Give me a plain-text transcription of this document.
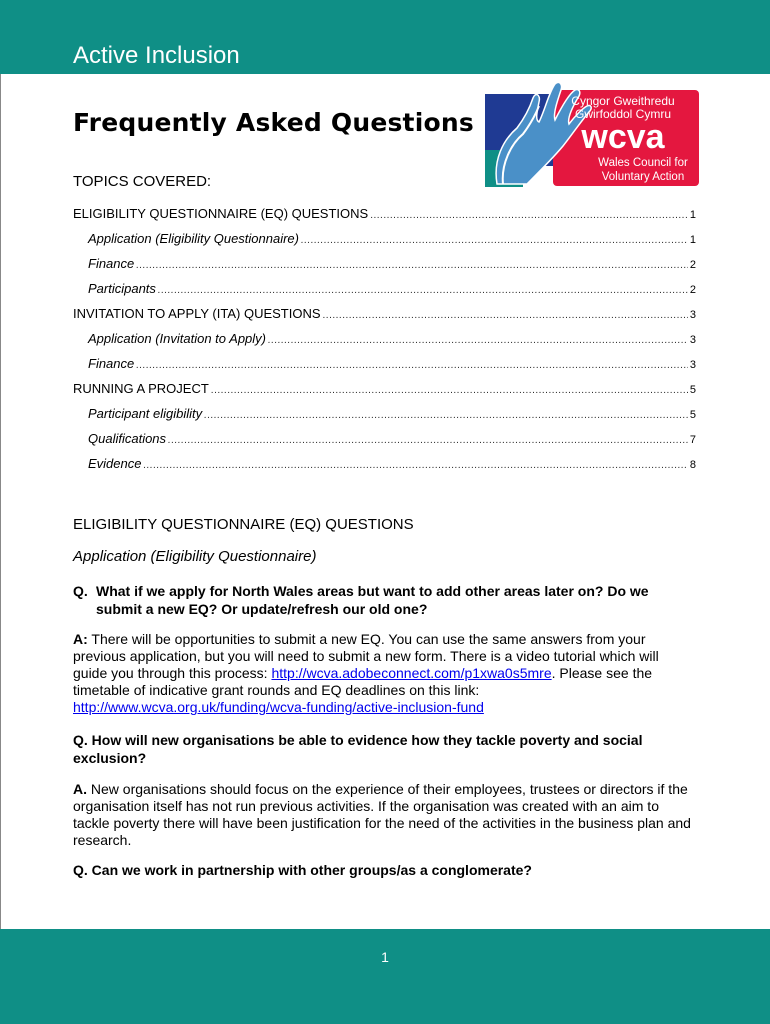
Active Inclusion
Frequently Asked Questions
Cyngor Gweithredu
Gwirfoddol Cymru
wcva
Wales Council for
Voluntary Action
TOPICS COVERED:
ELIGIBILITY QUESTIONNAIRE (EQ) QUESTIONS .....	1
Application (Eligibility Questionnaire) .....	1
Finance .....	2
Participants .....	2
INVITATION TO APPLY (ITA) QUESTIONS .....	3
Application (Invitation to Apply) .....	3
Finance .....	3
RUNNING A PROJECT .....	5
Participant eligibility .....	5
Qualifications .....	7
Evidence .....	8
ELIGIBILITY QUESTIONNAIRE (EQ) QUESTIONS
Application (Eligibility Questionnaire)
Q. What if we apply for North Wales areas but want to add other areas later on? Do we submit a new EQ? Or update/refresh our old one?
A: There will be opportunities to submit a new EQ. You can use the same answers from your previous application, but you will need to submit a new form. There is a video tutorial which will guide you through this process: http://wcva.adobeconnect.com/p1xwa0s5mre. Please see the timetable of indicative grant rounds and EQ deadlines on this link: http://www.wcva.org.uk/funding/wcva-funding/active-inclusion-fund
Q. How will new organisations be able to evidence how they tackle poverty and social exclusion?
A. New organisations should focus on the experience of their employees, trustees or directors if the organisation itself has not run previous activities. If the organisation was created with an aim to tackle poverty there will have been justification for the need of the activities in the business plan and research.
Q. Can we work in partnership with other groups/as a conglomerate?
1
